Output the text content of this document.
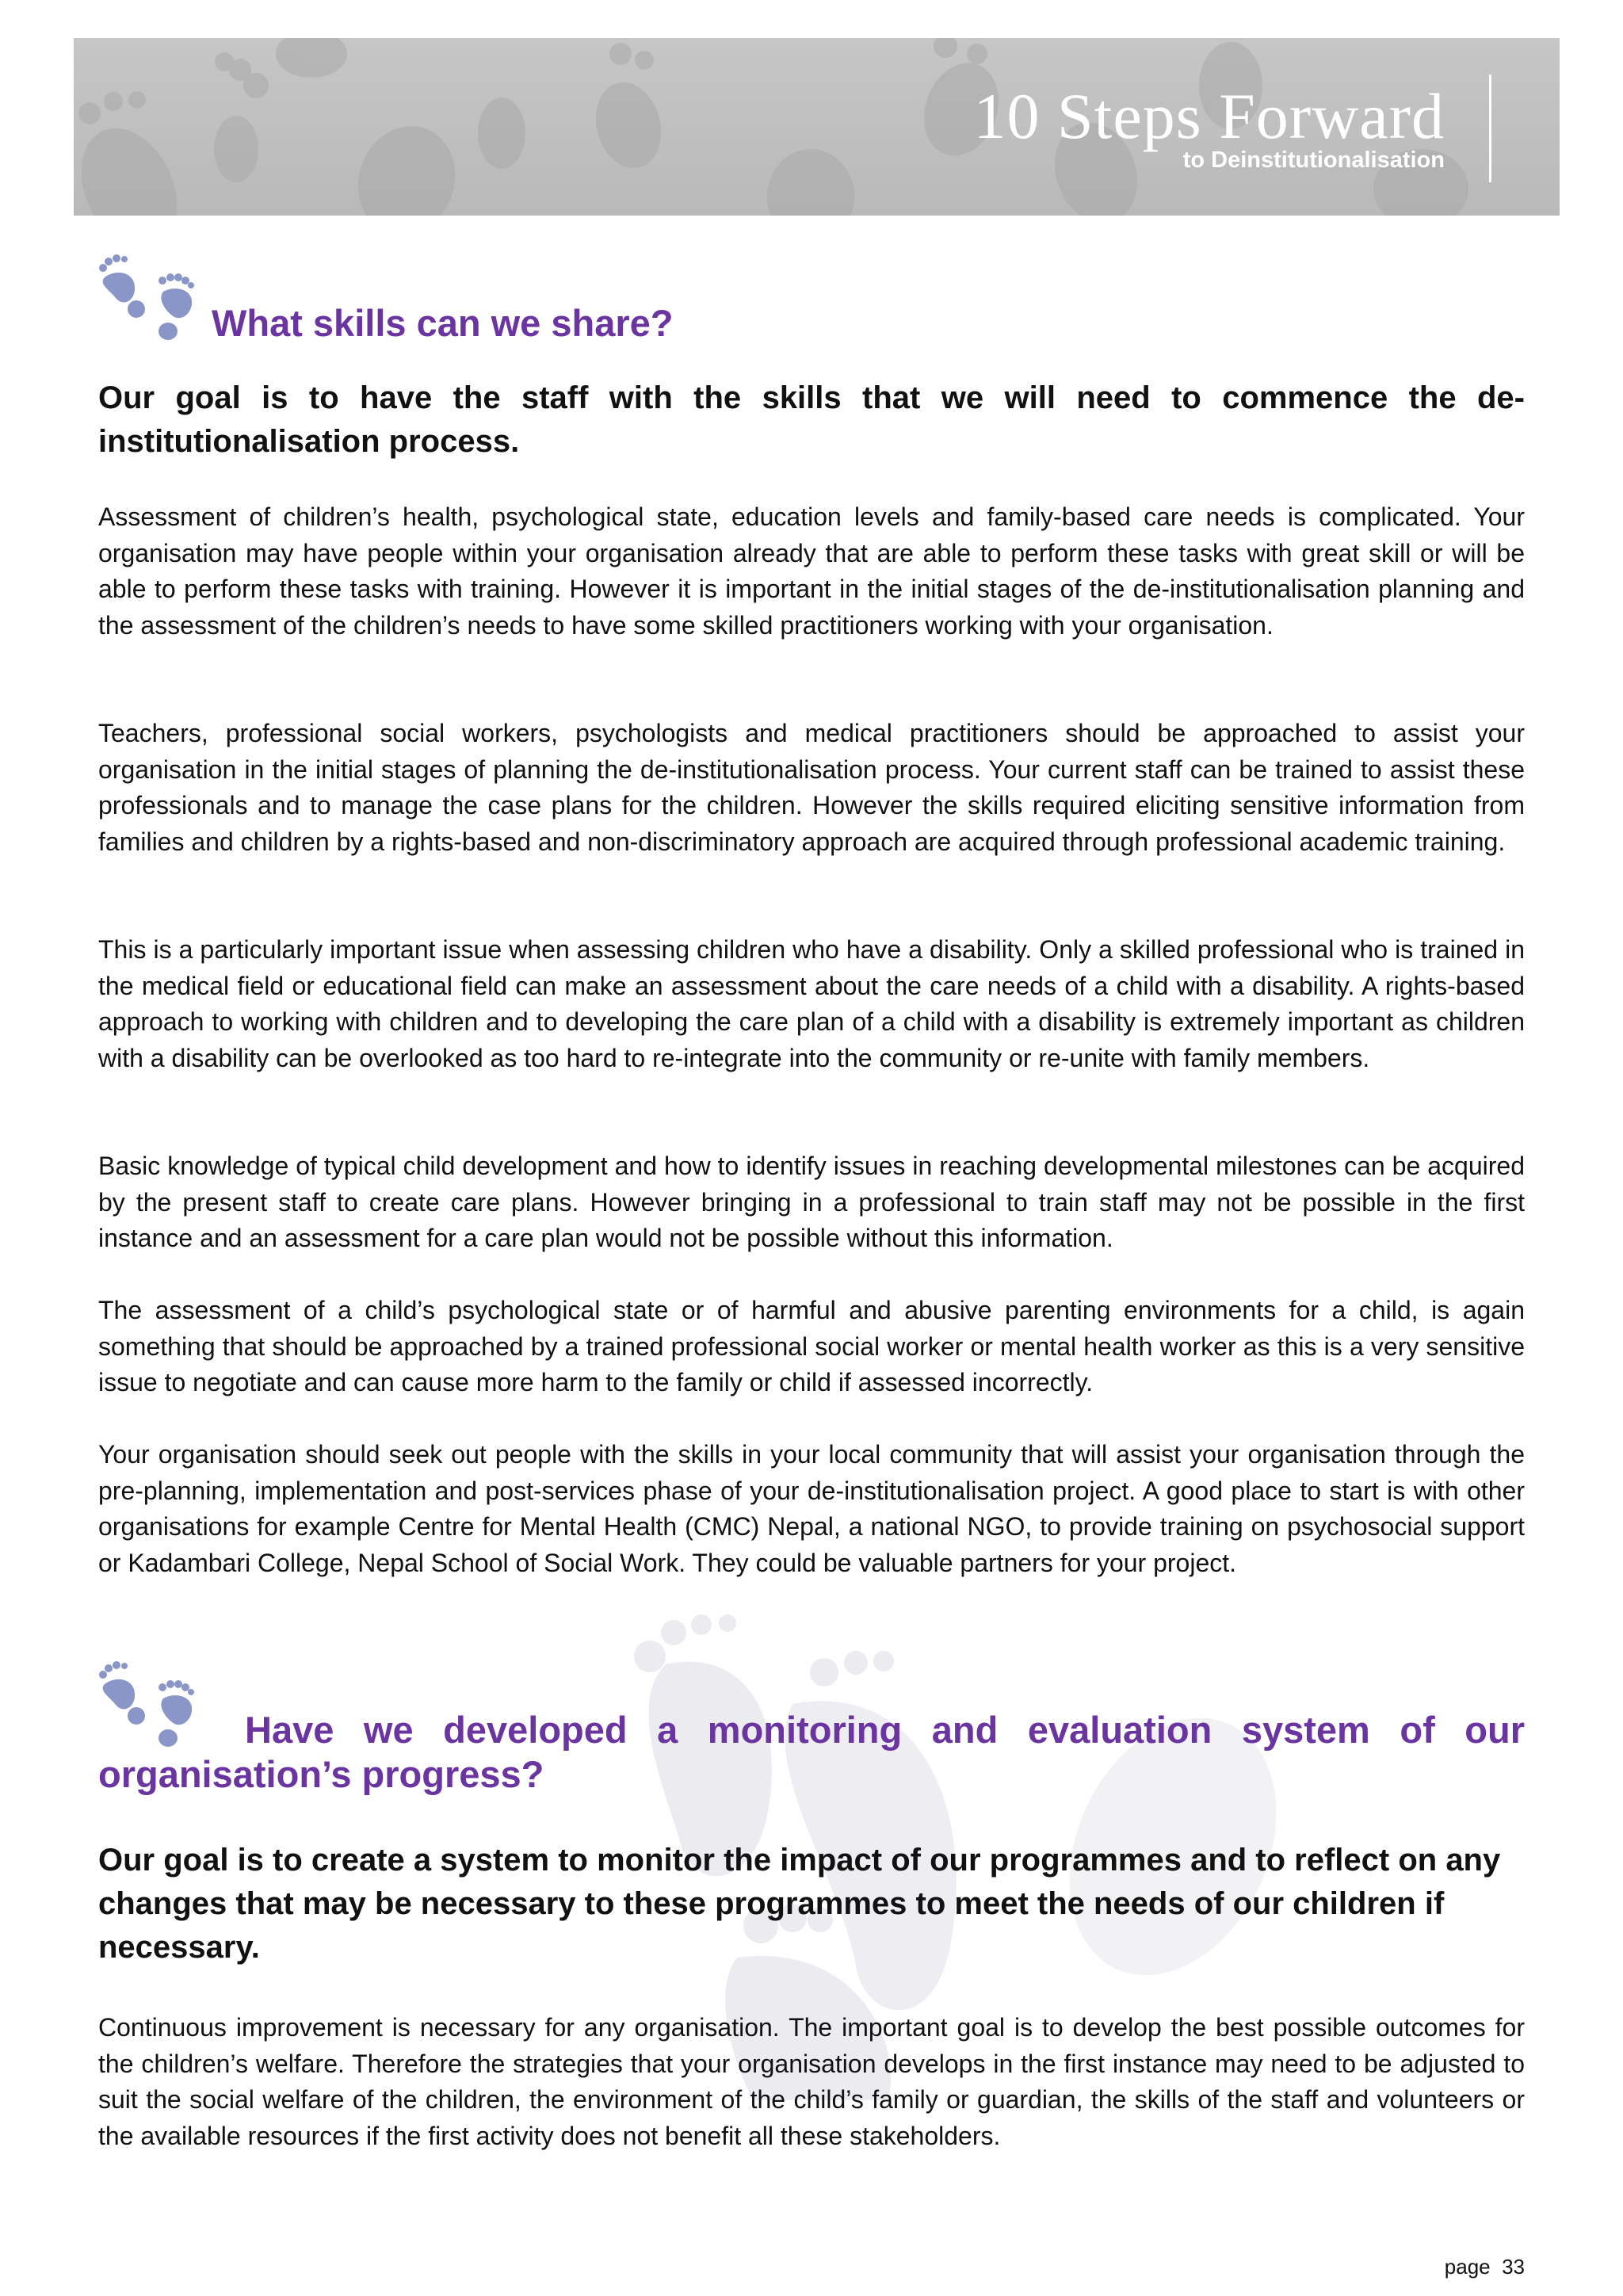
10 Steps Forward
to Deinstitutionalisation
What skills can we share?

Our goal is to have the staff with the skills that we will need to commence the de-institutionalisation process.

Assessment of children’s health, psychological state, education levels and family-based care needs is complicated. Your organisation may have people within your organisation already that are able to perform these tasks with great skill or will be able to perform these tasks with training. However it is important in the initial stages of the de-institutionalisation planning and the assessment of the children’s needs to have some skilled practitioners working with your organisation.

Teachers, professional social workers, psychologists and medical practitioners should be approached to assist your organisation in the initial stages of planning the de-institutionalisation process. Your current staff can be trained to assist these professionals and to manage the case plans for the children. However the skills required eliciting sensitive information from families and children by a rights-based and non-discriminatory approach are acquired through professional academic training.

This is a particularly important issue when assessing children who have a disability. Only a skilled professional who is trained in the medical field or educational field can make an assessment about the care needs of a child with a disability. A rights-based approach to working with children and to developing the care plan of a child with a disability is extremely important as children with a disability can be overlooked as too hard to re-integrate into the community or re-unite with family members.

Basic knowledge of typical child development and how to identify issues in reaching developmental milestones can be acquired by the present staff to create care plans. However bringing in a professional to train staff may not be possible in the first instance and an assessment for a care plan would not be possible without this information.

The assessment of a child’s psychological state or of harmful and abusive parenting environments for a child, is again something that should be approached by a trained professional social worker or mental health worker as this is a very sensitive issue to negotiate and can cause more harm to the family or child if assessed incorrectly.

Your organisation should seek out people with the skills in your local community that will assist your organisation through the pre-planning, implementation and post-services phase of your de-institutionalisation project. A good place to start is with other organisations for example Centre for Mental Health (CMC) Nepal, a national NGO, to provide training on psychosocial support or Kadambari College, Nepal School of Social Work. They could be valuable partners for your project.

Have we developed a monitoring and evaluation system of our organisation’s progress?

Our goal is to create a system to monitor the impact of our programmes and to reflect on any changes that may be necessary to these programmes to meet the needs of our children if necessary.

Continuous improvement is necessary for any organisation. The important goal is to develop the best possible outcomes for the children’s welfare. Therefore the strategies that your organisation develops in the first instance may need to be adjusted to suit the social welfare of the children, the environment of the child’s family or guardian, the skills of the staff and volunteers or the available resources if the first activity does not benefit all these stakeholders.

page  33
